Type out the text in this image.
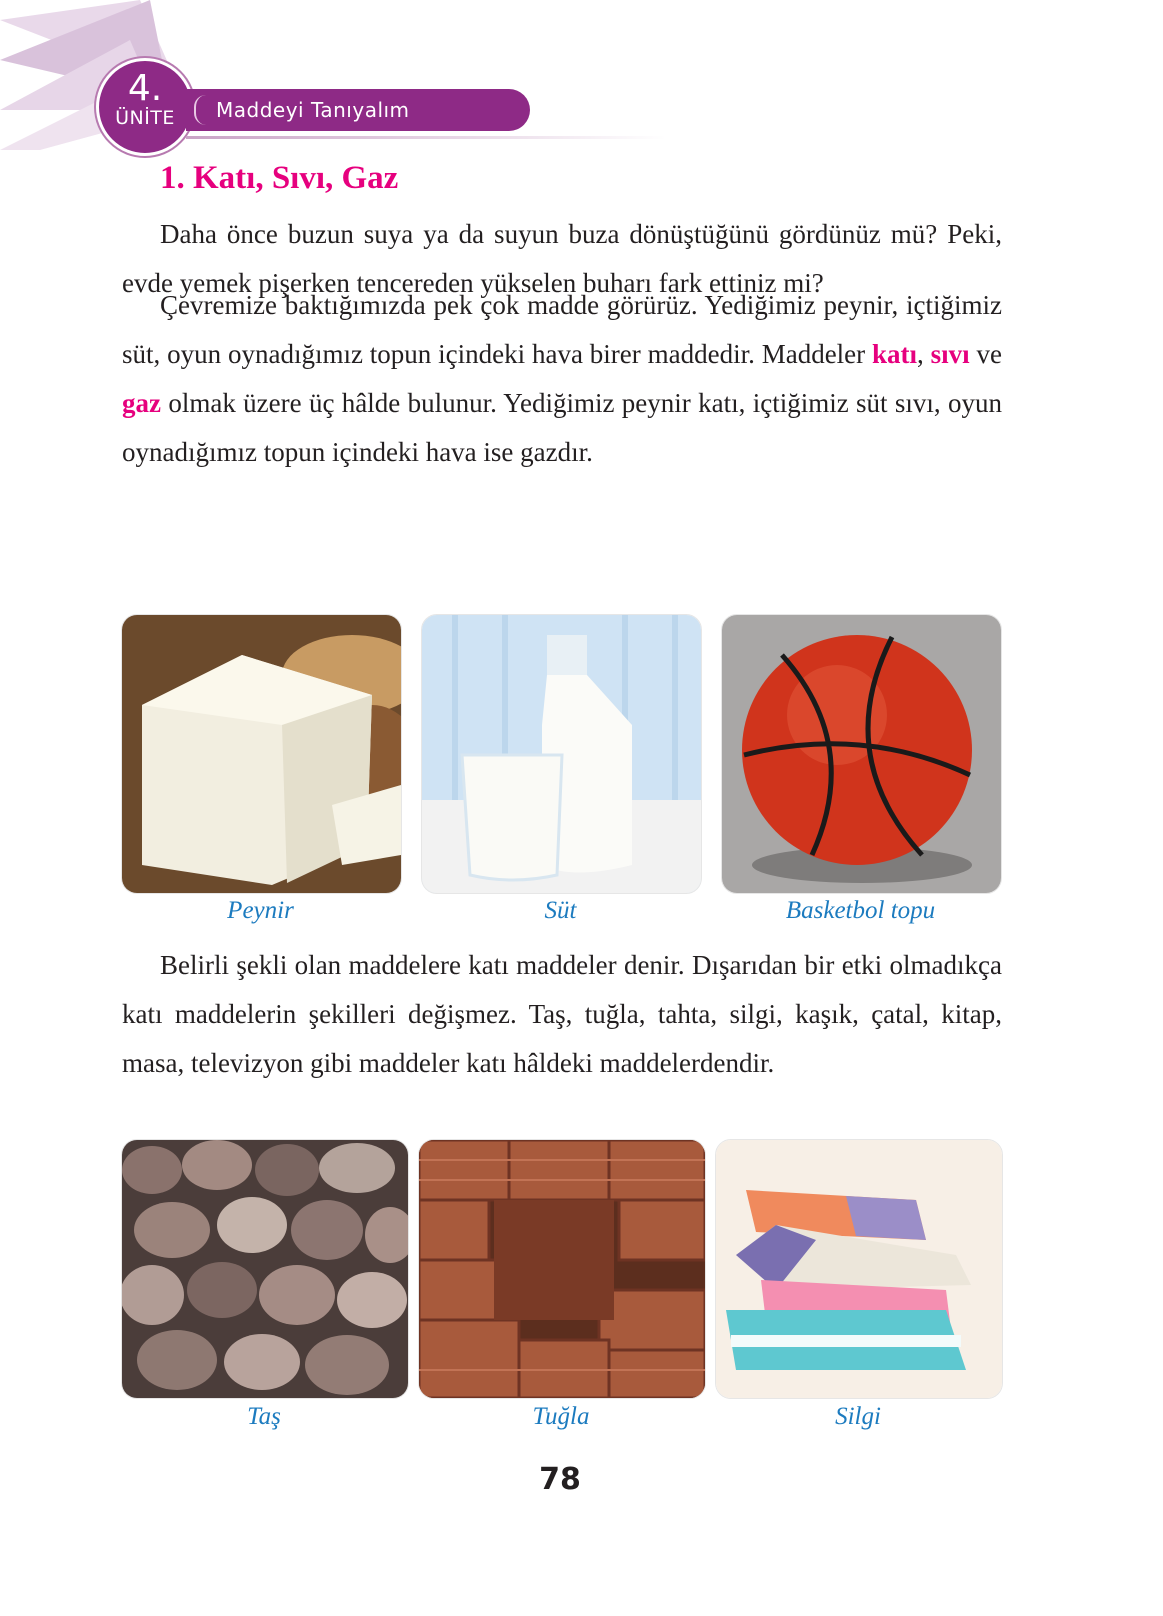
4.
ÜNİTE	Maddeyi Tanıyalım
1. Katı, Sıvı, Gaz

Daha önce buzun suya ya da suyun buza dönüştüğünü gördünüz mü? Peki, evde yemek pişerken tencereden yükselen buharı fark ettiniz mi?

Çevremize baktığımızda pek çok madde görürüz. Yediğimiz peynir, içtiğimiz süt, oyun oynadığımız topun içindeki hava birer maddedir. Maddeler katı, sıvı ve gaz olmak üzere üç hâlde bulunur. Yediğimiz peynir katı, içtiğimiz süt sıvı, oyun oynadığımız topun içindeki hava ise gazdır.

Peynir	Süt	Basketbol topu

Belirli şekli olan maddelere katı maddeler denir. Dışarıdan bir etki olmadıkça katı maddelerin şekilleri değişmez. Taş, tuğla, tahta, silgi, kaşık, çatal, kitap, masa, televizyon gibi maddeler katı hâldeki maddelerdendir.

Taş	Tuğla	Silgi
78
